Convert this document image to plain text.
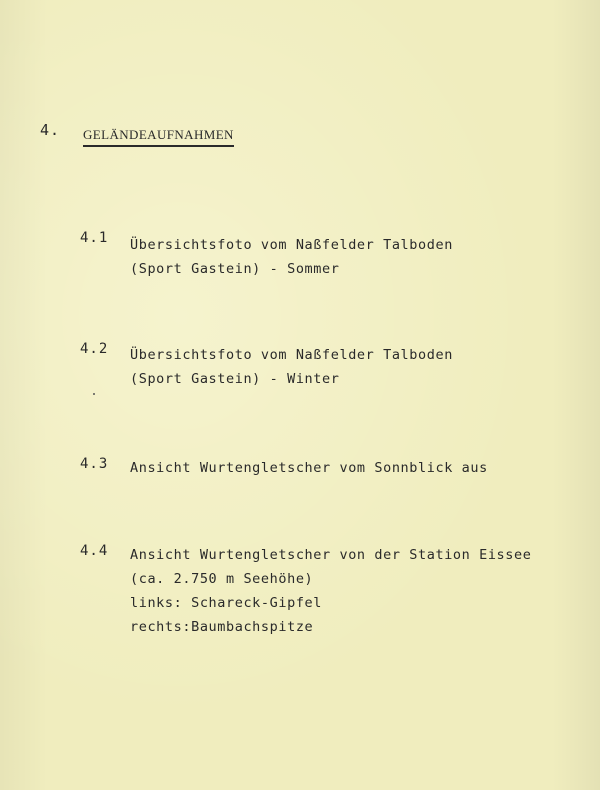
4. GELÄNDEAUFNAHMEN
4.1 Übersichtsfoto vom Naßfelder Talboden
(Sport Gastein) - Sommer
4.2 Übersichtsfoto vom Naßfelder Talboden
(Sport Gastein) - Winter
4.3 Ansicht Wurtengletscher vom Sonnblick aus
4.4 Ansicht Wurtengletscher von der Station Eissee
(ca. 2.750 m Seehöhe)
links: Schareck-Gipfel
rechts:Baumbachspitze
